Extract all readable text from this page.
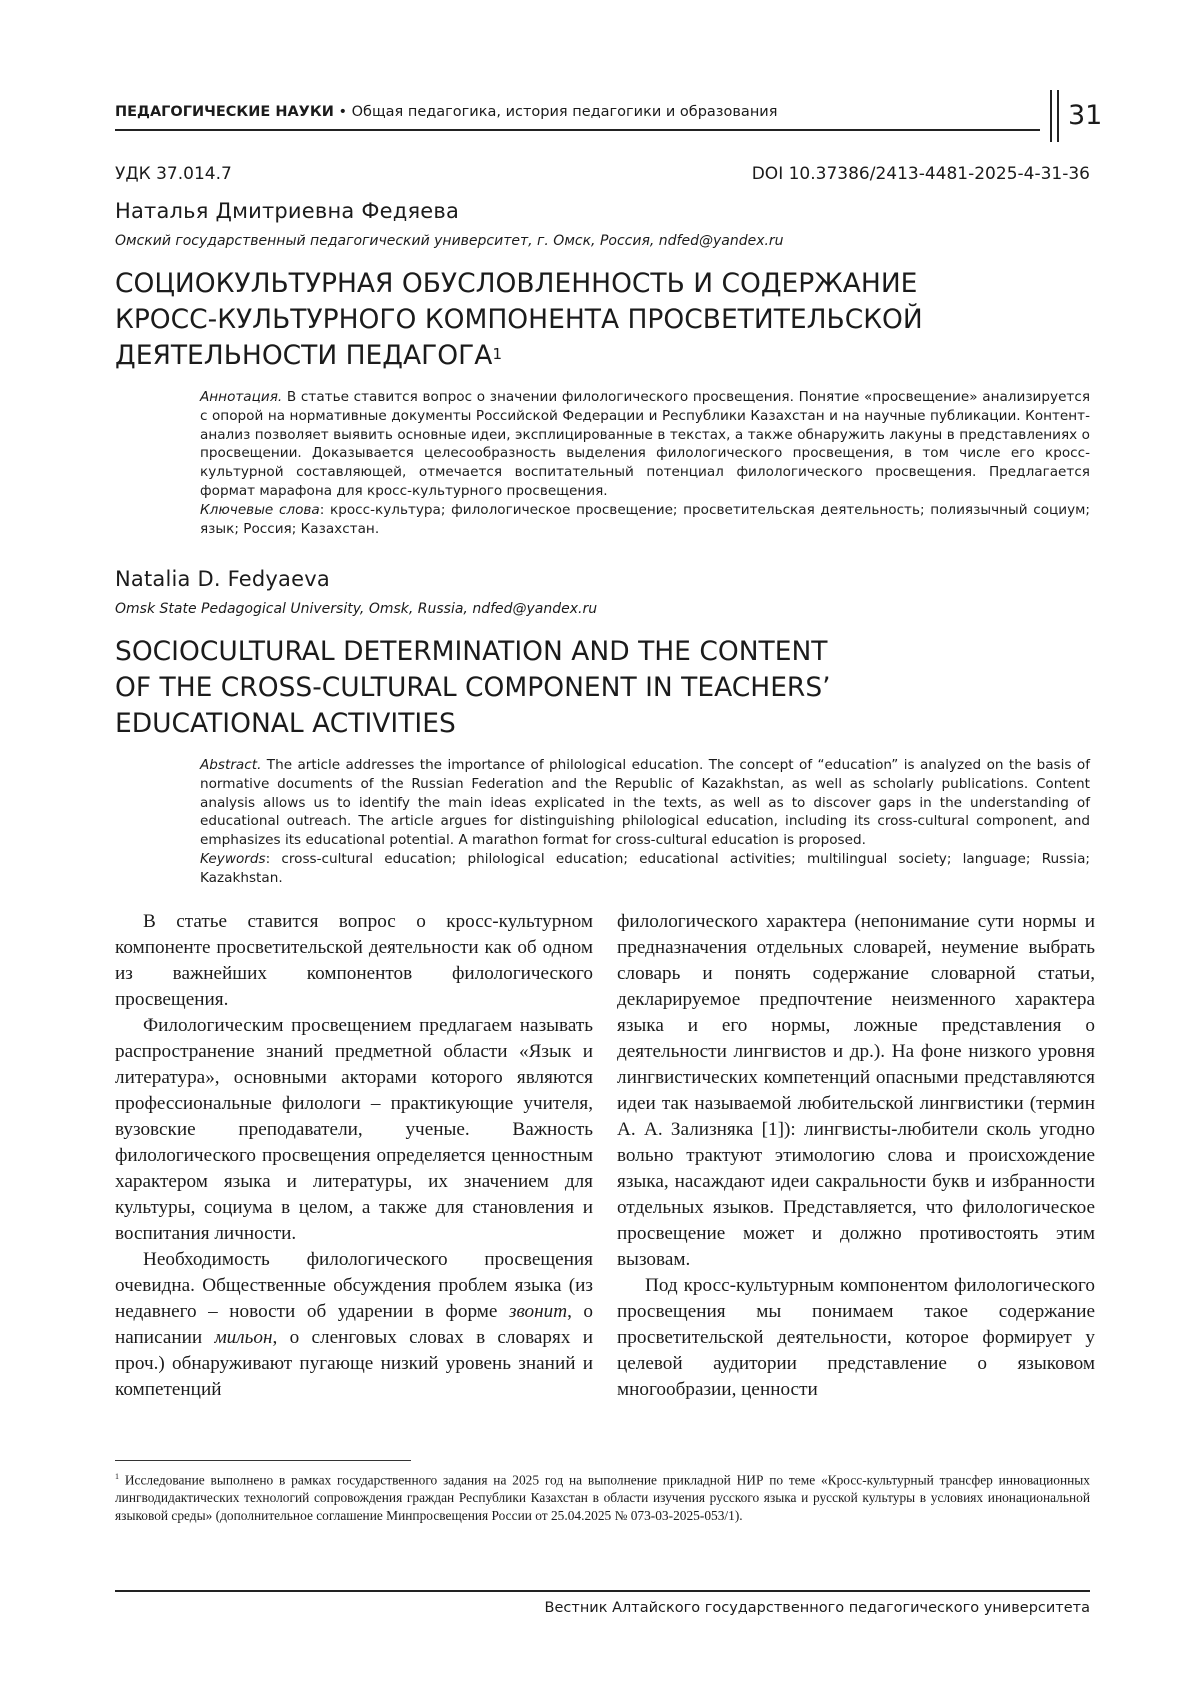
ПЕДАГОГИЧЕСКИЕ НАУКИ • Общая педагогика, история педагогики и образования	31
УДК 37.014.7	DOI 10.37386/2413-4481-2025-4-31-36
Наталья Дмитриевна Федяева
Омский государственный педагогический университет, г. Омск, Россия, ndfed@yandex.ru
СОЦИОКУЛЬТУРНАЯ ОБУСЛОВЛЕННОСТЬ И СОДЕРЖАНИЕ
КРОСС-КУЛЬТУРНОГО КОМПОНЕНТА ПРОСВЕТИТЕЛЬСКОЙ
ДЕЯТЕЛЬНОСТИ ПЕДАГОГА$^1$
Аннотация. В статье ставится вопрос о значении филологического просвещения. Понятие «просвещение» анализируется с опорой на нормативные документы Российской Федерации и Республики Казахстан и на научные публикации. Контент-анализ позволяет выявить основные идеи, эксплицированные в текстах, а также обнаружить лакуны в представлениях о просвещении. Доказывается целесообразность выделения филологического просвещения, в том числе его кросс-культурной составляющей, отмечается воспитательный потенциал филологического просвещения. Предлагается формат марафона для кросс-культурного просвещения.
Ключевые слова: кросс-культура; филологическое просвещение; просветительская деятельность; полиязычный социум; язык; Россия; Казахстан.
Natalia D. Fedyaeva
Omsk State Pedagogical University, Omsk, Russia, ndfed@yandex.ru
SOCIOCULTURAL DETERMINATION AND THE CONTENT
OF THE CROSS-CULTURAL COMPONENT IN TEACHERS’
EDUCATIONAL ACTIVITIES
Abstract. The article addresses the importance of philological education. The concept of “education” is analyzed on the basis of normative documents of the Russian Federation and the Republic of Kazakhstan, as well as scholarly publications. Content analysis allows us to identify the main ideas explicated in the texts, as well as to discover gaps in the understanding of educational outreach. The article argues for distinguishing philological education, including its cross-cultural component, and emphasizes its educational potential. A marathon format for cross-cultural education is proposed.
Keywords: cross-cultural education; philological education; educational activities; multilingual society; language; Russia; Kazakhstan.

В статье ставится вопрос о кросс-культурном компоненте просветительской деятельности как об одном из важнейших компонентов филологического просвещения.

Филологическим просвещением предлагаем называть распространение знаний предметной области «Язык и литература», основными акторами которого являются профессиональные филологи – практикующие учителя, вузовские преподаватели, ученые. Важность филологического просвещения определяется ценностным характером языка и литературы, их значением для культуры, социума в целом, а также для становления и воспитания личности.

Необходимость филологического просвещения очевидна. Общественные обсуждения проблем языка (из недавнего – новости об ударении в форме звонит, о написании мильон, о сленговых словах в словарях и проч.) обнаруживают пугающе низкий уровень знаний и компетенций

филологического характера (непонимание сути нормы и предназначения отдельных словарей, неумение выбрать словарь и понять содержание словарной статьи, декларируемое предпочтение неизменного характера языка и его нормы, ложные представления о деятельности лингвистов и др.). На фоне низкого уровня лингвистических компетенций опасными представляются идеи так называемой любительской лингвистики (термин А. А. Зализняка [1]): лингвисты-любители сколь угодно вольно трактуют этимологию слова и происхождение языка, насаждают идеи сакральности букв и избранности отдельных языков. Представляется, что филологическое просвещение может и должно противостоять этим вызовам.

Под кросс-культурным компонентом филологического просвещения мы понимаем такое содержание просветительской деятельности, которое формирует у целевой аудитории представление о языковом многообразии, ценности

$^1$ Исследование выполнено в рамках государственного задания на 2025 год на выполнение прикладной НИР по теме «Кросс-культурный трансфер инновационных лингводидактических технологий сопровождения граждан Республики Казахстан в области изучения русского языка и русской культуры в условиях инонациональной языковой среды» (дополнительное соглашение Минпросвещения России от 25.04.2025 № 073-03-2025-053/1).
Вестник Алтайского государственного педагогического университета
